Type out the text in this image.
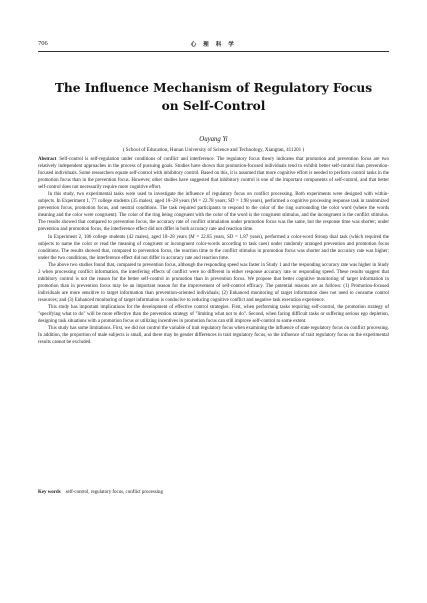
706	心 理 科 学
The Influence Mechanism of Regulatory Focus
on Self-Control
Ouyang Yi
( School of Education, Hunan University of Science and Technology, Xiangtan, 411201 )

Abstract Self-control is self-regulation under conditions of conflict and interference. The regulatory focus theory indicates that promotion and prevention focus are two relatively independent approaches in the process of pursuing goals. Studies have shown that promotion-focused individuals tend to exhibit better self-control than prevention-focused individuals. Some researchers equate self-control with inhibitory control. Based on this, it is assumed that more cognitive effort is needed to perform control tasks in the promotion focus than in the prevention focus. However, other studies have suggested that inhibitory control is one of the important components of self-control, and that better self-control does not necessarily require more cognitive effort.

In this study, two experimental tasks were used to investigate the influence of regulatory focus on conflict processing. Both experiments were designed with within-subjects. In Experiment 1, 77 college students (35 males), aged 18–28 years (M = 22.78 years; SD = 1.98 years), performed a cognitive processing response task in randomized prevention focus, promotion focus, and neutral conditions. The task required participants to respond to the color of the ring surrounding the color word (where the words meaning and the color were congruent). The color of the ring being congruent with the color of the word is the congruent stimulus, and the incongruent is the conflict stimulus. The results showed that compared to prevention focus, the accuracy rate of conflict stimulation under promotion focus was the same, but the response time was shorter; under prevention and promotion focus, the interference effect did not differ in both accuracy rate and reaction time.

In Experiment 2, 106 college students (42 males), aged 18–28 years (M = 22.85 years, SD = 1.87 years), performed a color-word Stroop dual task (which required the subjects to name the color or read the meaning of congruent or incongruent color-words according to task cues) under randomly arranged prevention and promotion focus conditions. The results showed that, compared to prevention focus, the reaction time to the conflict stimulus in promotion focus was shorter and the accuracy rate was higher; under the two conditions, the interference effect did not differ in accuracy rate and reaction time.

The above two studies found that, compared to prevention focus, although the responding speed was faster in Study 1 and the responding accuracy rate was higher in Study 2 when processing conflict information, the interfering effects of conflict were no different in either response accuracy rate or responding speed. These results suggest that inhibitory control is not the reason for the better self-control in promotion than in prevention focus. We propose that better cognitive monitoring of target information in promotion than in prevention focus may be an important reason for the improvement of self-control efficacy. The potential reasons are as follows: (1) Promotion-focused individuals are more sensitive to target information than prevention-oriented individuals; (2) Enhanced monitoring of target information does not need to consume control resources; and (3) Enhanced monitoring of target information is conducive to reducing cognitive conflict and negative task execution experience.

This study has important implications for the development of effective control strategies. First, when performing tasks requiring self-control, the promotion strategy of "specifying what to do" will be more effective than the prevention strategy of "limiting what not to do". Second, when facing difficult tasks or suffering serious ego depletion, designing task situations with a promotion focus or utilizing incentives in promotion focus can still improve self-control to some extent.

This study has some limitations. First, we did not control the variable of trait regulatory focus when examining the influence of state regulatory focus on conflict processing. In addition, the proportion of male subjects is small, and there may be gender differences in trait regulatory focus, so the influence of trait regulatory focus on the experimental results cannot be excluded.

Key words self-control, regulatory focus, conflict processing
